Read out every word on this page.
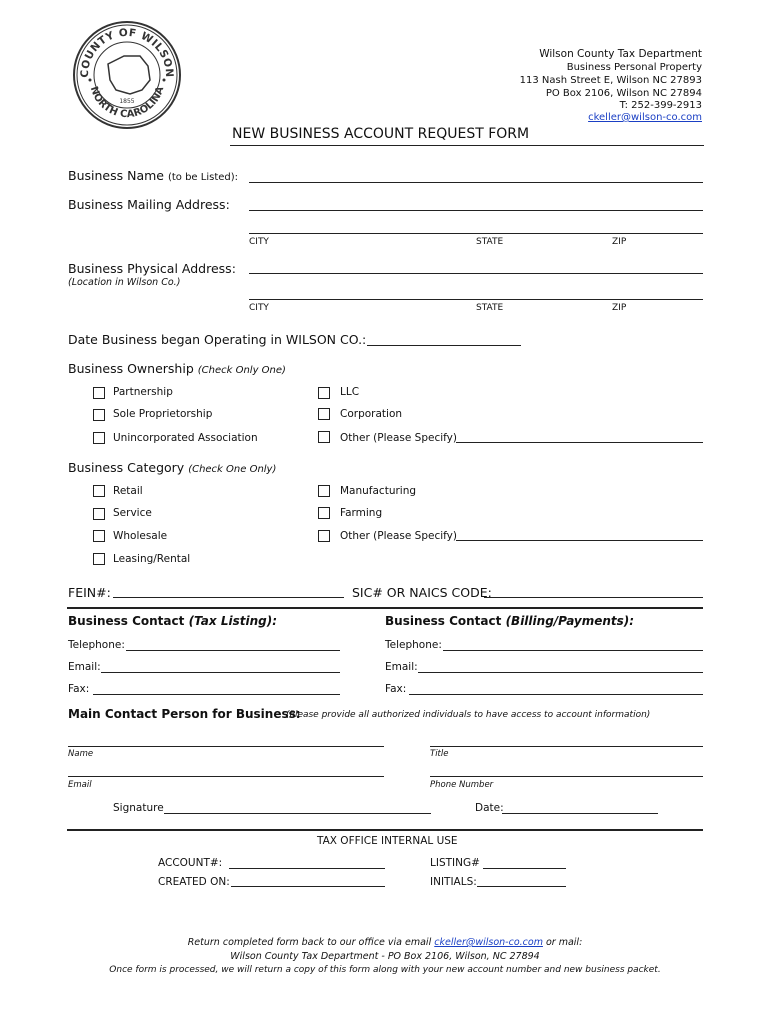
COUNTY OF WILSON
NORTH CAROLINA
1855
Wilson County Tax Department
Business Personal Property
113 Nash Street E, Wilson NC 27893
PO Box 2106, Wilson NC 27894
T: 252-399-2913
ckeller@wilson-co.com
NEW BUSINESS ACCOUNT REQUEST FORM
Business Name (to be Listed):
Business Mailing Address:
CITY	STATE	ZIP
Business Physical Address:
(Location in Wilson Co.)
CITY	STATE	ZIP
Date Business began Operating in WILSON CO.:
Business Ownership (Check Only One)
Partnership	LLC
Sole Proprietorship	Corporation
Unincorporated Association	Other (Please Specify)
Business Category (Check One Only)
Retail	Manufacturing
Service	Farming
Wholesale	Other (Please Specify)
Leasing/Rental
FEIN#:	SIC# OR NAICS CODE:
Business Contact (Tax Listing):	Business Contact (Billing/Payments):
Telephone:	Telephone:
Email:	Email:
Fax:	Fax:
Main Contact Person for Business:
(Please provide all authorized individuals to have access to account information)
Name	Title
Email	Phone Number
Signature	Date:
TAX OFFICE INTERNAL USE
ACCOUNT#:	LISTING#
CREATED ON:	INITIALS:
Return completed form back to our office via email ckeller@wilson-co.com or mail:
Wilson County Tax Department - PO Box 2106, Wilson, NC 27894
Once form is processed, we will return a copy of this form along with your new account number and new business packet.
